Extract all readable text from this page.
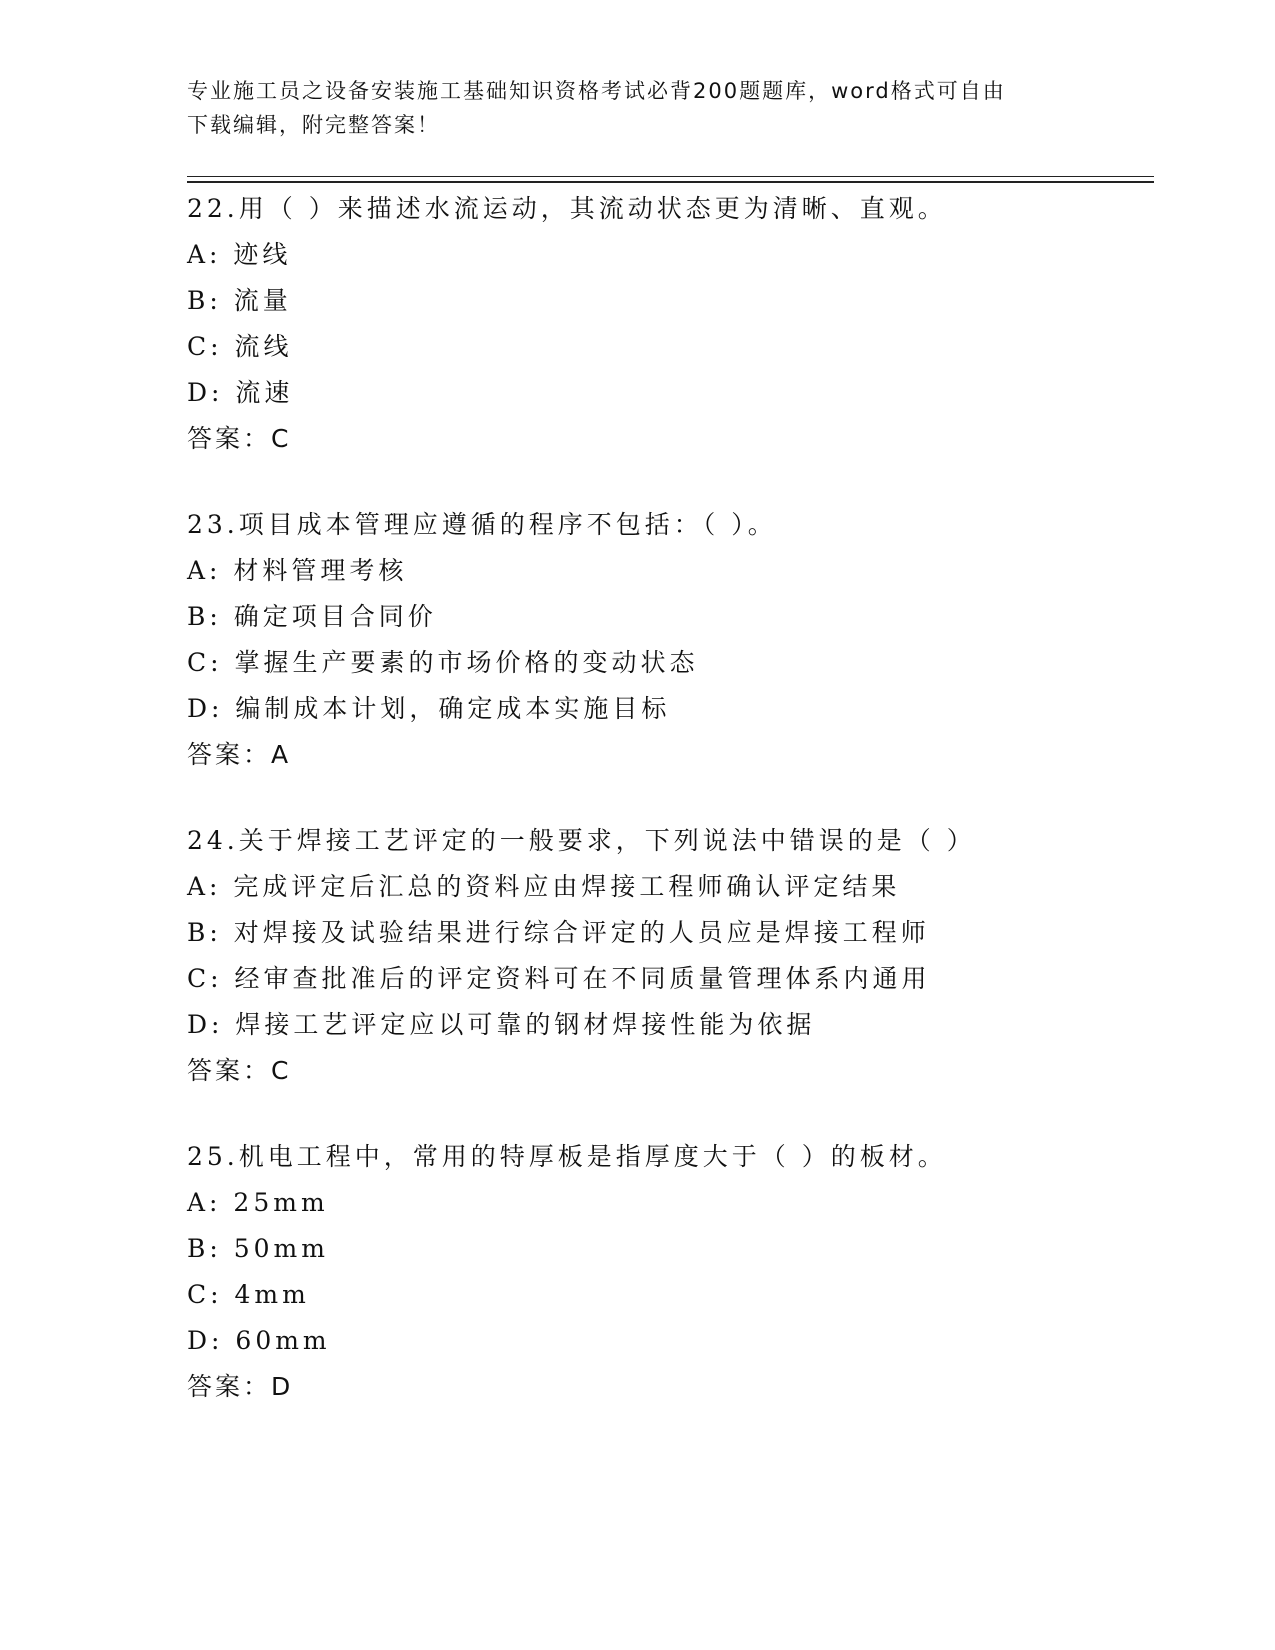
专业施工员之设备安装施工基础知识资格考试必背200题题库，word格式可自由
下载编辑，附完整答案！
22.用（ ）来描述水流运动，其流动状态更为清晰、直观。
A: 迹线
B: 流量
C: 流线
D: 流速
答案：C
23.项目成本管理应遵循的程序不包括：（ ）。
A: 材料管理考核
B: 确定项目合同价
C: 掌握生产要素的市场价格的变动状态
D: 编制成本计划，确定成本实施目标
答案：A
24.关于焊接工艺评定的一般要求，下列说法中错误的是（ ）
A: 完成评定后汇总的资料应由焊接工程师确认评定结果
B: 对焊接及试验结果进行综合评定的人员应是焊接工程师
C: 经审查批准后的评定资料可在不同质量管理体系内通用
D: 焊接工艺评定应以可靠的钢材焊接性能为依据
答案：C
25.机电工程中，常用的特厚板是指厚度大于（ ）的板材。
A: 25mm
B: 50mm
C: 4mm
D: 60mm
答案：D
